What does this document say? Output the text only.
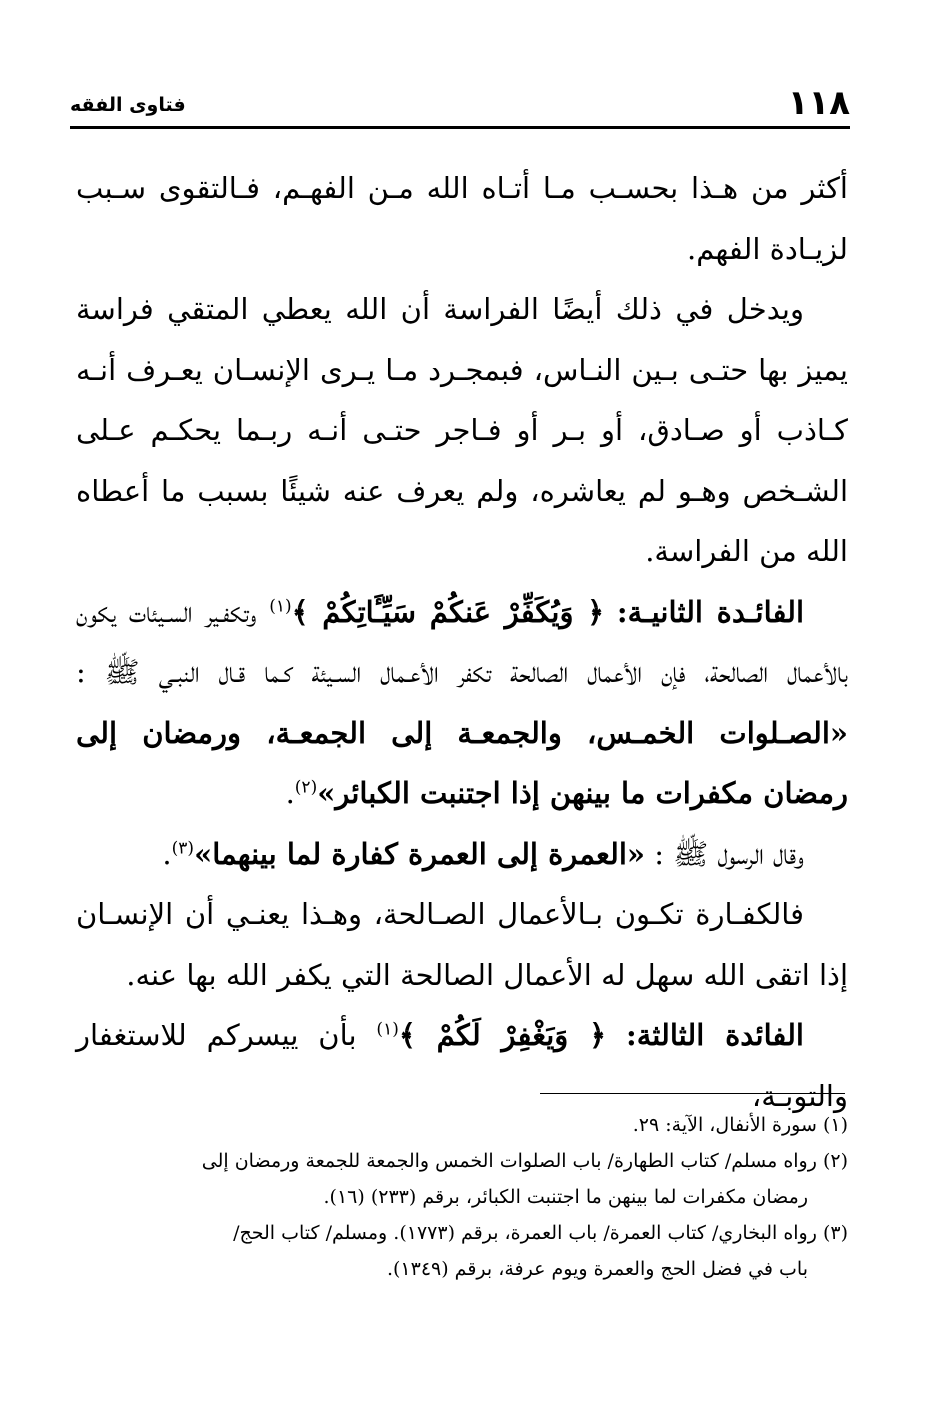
١١٨
فتاوى الفقه

أكثر من هـذا بحسـب مـا أتـاه الله مـن الفهـم، فـالتقوى سـبب لزيـادة الفهم.

ويدخل في ذلك أيضًا الفراسة أن الله يعطي المتقي فراسة يميز بها حتـى بـين النـاس، فبمجـرد مـا يـرى الإنسـان يعـرف أنـه كـاذب أو صـادق، أو بـر أو فـاجر حتـى أنـه ربـما يحكـم عـلى الشـخص وهـو لم يعاشره، ولم يعرف عنه شيئًا بسبب ما أعطاه الله من الفراسة.

الفائـدة الثانيـة: ﴿ وَيُكَفِّرْ عَنكُمْ سَيِّـَٔاتِكُمْ ﴾$^{(١)}$ وتكفـير السـيئات يكون بالأعمال الصالحة، فإن الأعمال الصالحة تكفر الأعـمال السـيئة كـما قـال النبـي ﷺ : «الصـلوات الخمـس، والجمعـة إلى الجمعـة، ورمضان إلى رمضان مكفرات ما بينهن إذا اجتنبت الكبائر»$^{(٢)}$.

وقال الرسول ﷺ : «العمرة إلى العمرة كفارة لما بينهما»$^{(٣)}$.

فالكفـارة تكـون بـالأعمال الصـالحة، وهـذا يعنـي أن الإنسـان إذا اتقى الله سهل له الأعمال الصالحة التي يكفر الله بها عنه.

الفائدة الثالثة: ﴿ وَيَغْفِرْ لَكُمْ ﴾$^{(١)}$ بأن ييسركم للاستغفار والتوبـة،

(١) سورة الأنفال، الآية: ٢٩.

(٢) رواه مسلم/ كتاب الطهارة/ باب الصلوات الخمس والجمعة للجمعة ورمضان إلى
رمضان مكفرات لما بينهن ما اجتنبت الكبائر، برقم (٢٣٣) (١٦).

(٣) رواه البخاري/ كتاب العمرة/ باب العمرة، برقم (١٧٧٣). ومسلم/ كتاب الحج/
باب في فضل الحج والعمرة ويوم عرفة، برقم (١٣٤٩).
